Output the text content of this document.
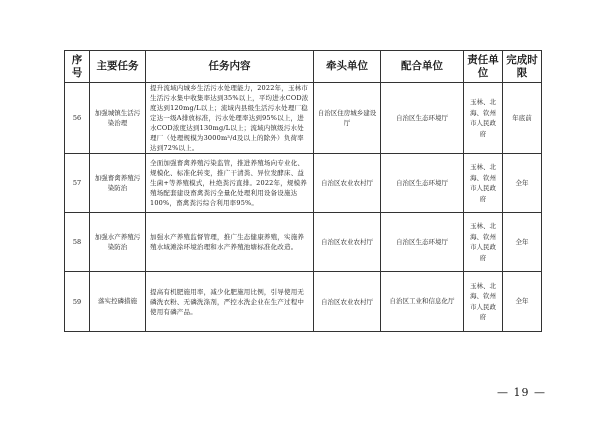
序号	主要任务	任务内容	牵头单位	配合单位	责任单位	完成时限
56	加强城镇生活污染治理	提升流域内城乡生活污水处理能力，2022年，玉林市生活污水集中收集率达到35%以上，平均进水COD浓度达到120mg/L以上；流域内县级生活污水处理厂稳定达一级A排放标准，污水处理率达到95%以上，进水COD浓度达到130mg/L以上；流域内镇级污水处理厂（处理规模为3000m³/d及以上的除外）负荷率达到72%以上。	自治区住房城乡建设厅	自治区生态环境厅	玉林、北海、钦州市人民政府	年底前
57	加强畜禽养殖污染防治	全面加强畜禽养殖污染监管，推进养殖场向专业化、规模化、标准化转变，推广干清粪、异位发酵床、益生菌+等养殖模式，杜绝粪污直排。2022年，规模养殖场配套建设畜禽粪污全量化处理利用设备设施达100%，畜禽粪污综合利用率95%。	自治区农业农村厅	自治区生态环境厅	玉林、北海、钦州市人民政府	全年
58	加强水产养殖污染防治	加强水产养殖监督管理，推广生态健康养殖，实施养殖水域滩涂环境治理和水产养殖池塘标准化改造。	自治区农业农村厅	自治区生态环境厅	玉林、北海、钦州市人民政府	全年
59	落实控磷措施	提高有机肥施用率，减少化肥施用比例，引导使用无磷洗衣粉、无磷洗涤剂，严控水洗企业在生产过程中使用有磷产品。	自治区农业农村厅	自治区工业和信息化厅	玉林、北海、钦州市人民政府	全年
— 19 —
